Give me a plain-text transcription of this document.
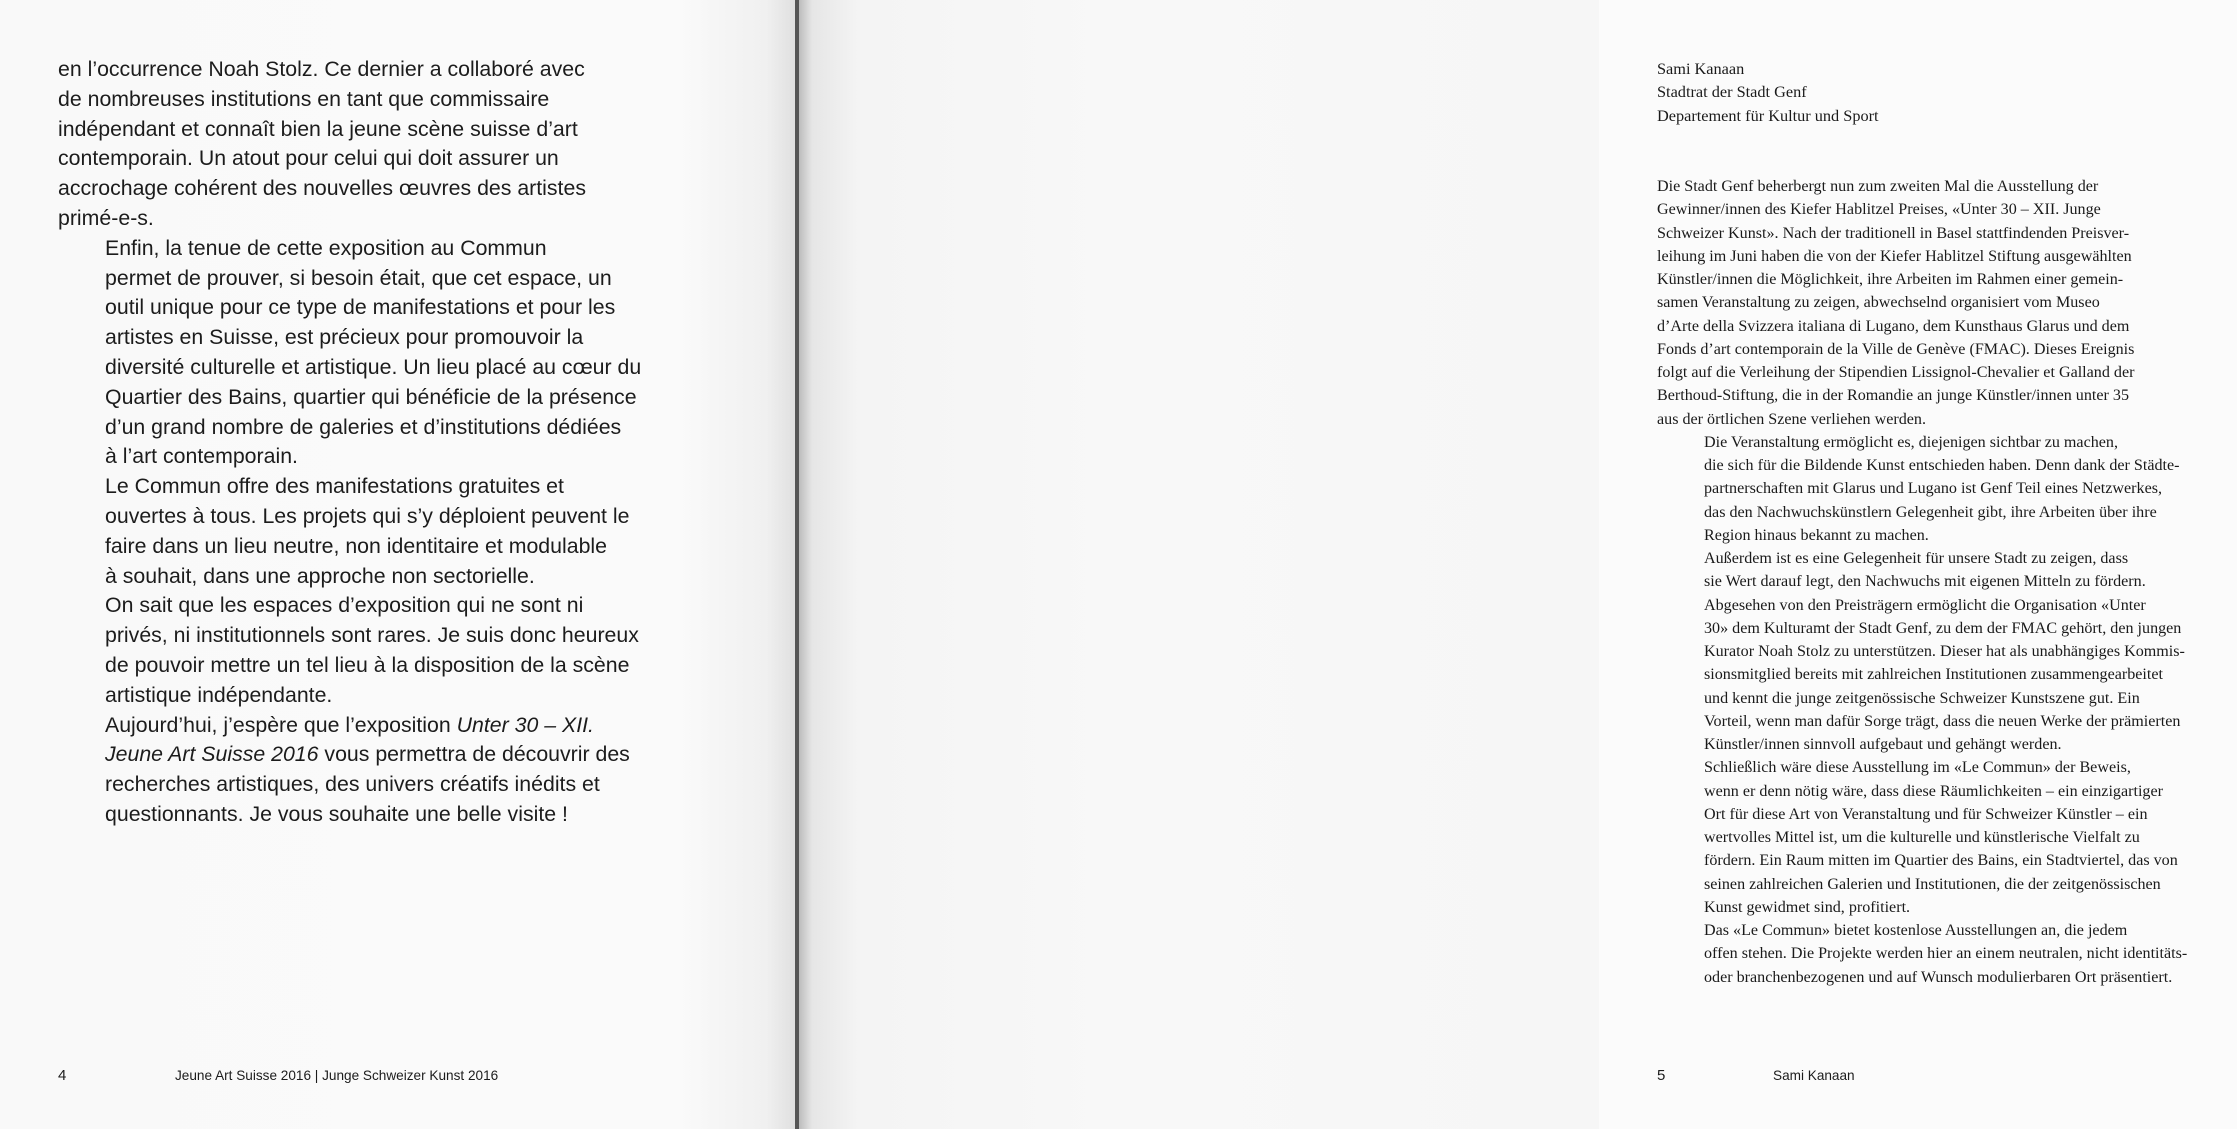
en l’occurrence Noah Stolz. Ce dernier a collaboré avec
de nombreuses institutions en tant que commissaire
indépendant et connaît bien la jeune scène suisse d’art
contemporain. Un atout pour celui qui doit assurer un
accrochage cohérent des nouvelles œuvres des artistes
primé-e-s.

Enfin, la tenue de cette exposition au Commun
permet de prouver, si besoin était, que cet espace, un
outil unique pour ce type de manifestations et pour les
artistes en Suisse, est précieux pour promouvoir la
diversité culturelle et artistique. Un lieu placé au cœur du
Quartier des Bains, quartier qui bénéficie de la présence
d’un grand nombre de galeries et d’institutions dédiées
à l’art contemporain.

Le Commun offre des manifestations gratuites et
ouvertes à tous. Les projets qui s’y déploient peuvent le
faire dans un lieu neutre, non identitaire et modulable
à souhait, dans une approche non sectorielle.

On sait que les espaces d’exposition qui ne sont ni
privés, ni institutionnels sont rares. Je suis donc heureux
de pouvoir mettre un tel lieu à la disposition de la scène
artistique indépendante.

Aujourd’hui, j’espère que l’exposition Unter 30 – XII.
Jeune Art Suisse 2016 vous permettra de découvrir des
recherches artistiques, des univers créatifs inédits et
questionnants. Je vous souhaite une belle visite !

4	Jeune Art Suisse 2016 | Junge Schweizer Kunst 2016
Sami Kanaan
Stadtrat der Stadt Genf
Departement für Kultur und Sport

Die Stadt Genf beherbergt nun zum zweiten Mal die Ausstellung der
Gewinner/innen des Kiefer Hablitzel Preises, «Unter 30 – XII. Junge
Schweizer Kunst». Nach der traditionell in Basel stattfindenden Preisver-
leihung im Juni haben die von der Kiefer Hablitzel Stiftung ausgewählten
Künstler/innen die Möglichkeit, ihre Arbeiten im Rahmen einer gemein-
samen Veranstaltung zu zeigen, abwechselnd organisiert vom Museo
d’Arte della Svizzera italiana di Lugano, dem Kunsthaus Glarus und dem
Fonds d’art contemporain de la Ville de Genève (FMAC). Dieses Ereignis
folgt auf die Verleihung der Stipendien Lissignol-Chevalier et Galland der
Berthoud-Stiftung, die in der Romandie an junge Künstler/innen unter 35
aus der örtlichen Szene verliehen werden.

Die Veranstaltung ermöglicht es, diejenigen sichtbar zu machen,
die sich für die Bildende Kunst entschieden haben. Denn dank der Städte-
partnerschaften mit Glarus und Lugano ist Genf Teil eines Netzwerkes,
das den Nachwuchskünstlern Gelegenheit gibt, ihre Arbeiten über ihre
Region hinaus bekannt zu machen.

Außerdem ist es eine Gelegenheit für unsere Stadt zu zeigen, dass
sie Wert darauf legt, den Nachwuchs mit eigenen Mitteln zu fördern.

Abgesehen von den Preisträgern ermöglicht die Organisation «Unter
30» dem Kulturamt der Stadt Genf, zu dem der FMAC gehört, den jungen
Kurator Noah Stolz zu unterstützen. Dieser hat als unabhängiges Kommis-
sionsmitglied bereits mit zahlreichen Institutionen zusammengearbeitet
und kennt die junge zeitgenössische Schweizer Kunstszene gut. Ein
Vorteil, wenn man dafür Sorge trägt, dass die neuen Werke der prämierten
Künstler/innen sinnvoll aufgebaut und gehängt werden.

Schließlich wäre diese Ausstellung im «Le Commun» der Beweis,
wenn er denn nötig wäre, dass diese Räumlichkeiten – ein einzigartiger
Ort für diese Art von Veranstaltung und für Schweizer Künstler – ein
wertvolles Mittel ist, um die kulturelle und künstlerische Vielfalt zu
fördern. Ein Raum mitten im Quartier des Bains, ein Stadtviertel, das von
seinen zahlreichen Galerien und Institutionen, die der zeitgenössischen
Kunst gewidmet sind, profitiert.

Das «Le Commun» bietet kostenlose Ausstellungen an, die jedem
offen stehen. Die Projekte werden hier an einem neutralen, nicht identitäts-
oder branchenbezogenen und auf Wunsch modulierbaren Ort präsentiert.

5	Sami Kanaan
